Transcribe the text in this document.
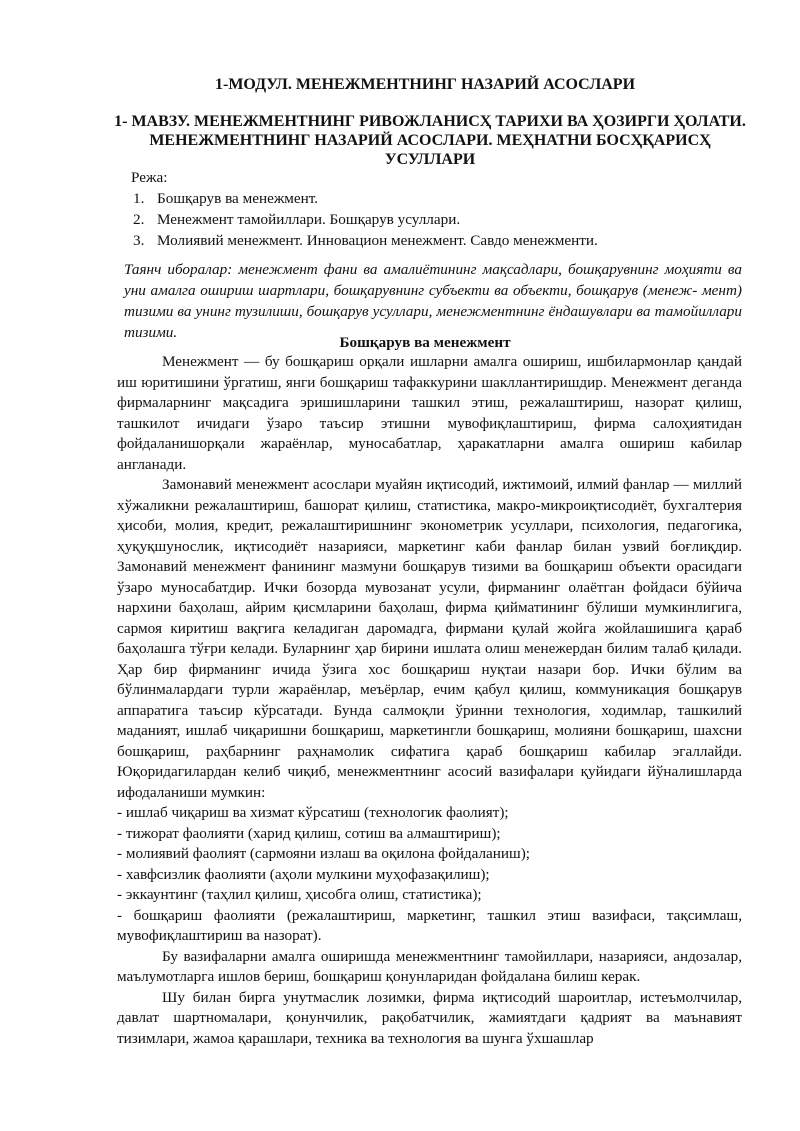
1-МОДУЛ. МЕНЕЖМЕНТНИНГ НАЗАРИЙ АСОСЛАРИ
1- МАВЗУ. МЕНЕЖМЕНТНИНГ РИВОЖЛАНИСҲ ТАРИХИ ВА ҲОЗИРГИ ҲОЛАТИ. МЕНЕЖМЕНТНИНГ НАЗАРИЙ АСОСЛАРИ. МЕҲНАТНИ БОСҲҚАРИСҲ УСУЛЛАРИ
Режа:
1. Бошқарув ва менежмент.
2. Менежмент тамойиллари. Бошқарув усуллари.
3. Молиявий менежмент. Инновацион менежмент. Савдо менежменти.
Таянч иборалар: менежмент фани ва амалиётининг мақсадлари, бошқарувнинг моҳияти ва уни амалга ошириш шартлари, бошқарувнинг субъекти ва объекти, бошқарув (менеж- мент) тизими ва унинг тузилиши, бошқарув усуллари, менежментнинг ёндашувлари ва тамойиллари тизими.
Бошқарув ва менежмент

Менежмент — бу бошқариш орқали ишларни амалга ошириш, ишбилармонлар қандай иш юритишини ўргатиш, янги бошқариш тафаккурини шакллантиришдир. Менежмент деганда фирмаларнинг мақсадига эришишларини ташкил этиш, режалаштириш, назорат қилиш, ташкилот ичидаги ўзаро таъсир этишни мувофиқлаштириш, фирма салоҳиятидан фойдаланишорқали жараёнлар, муносабатлар, ҳаракатларни амалга ошириш кабилар англанади.

Замонавий менежмент асослари муайян иқтисодий, ижтимоий, илмий фанлар — миллий хўжаликни режалаштириш, башорат қилиш, статистика, макро-микроиқтисодиёт, бухгалтерия ҳисоби, молия, кредит, режалаштиришнинг эконометрик усуллари, психология, педагогика, ҳуқуқшунослик, иқтисодиёт назарияси, маркетинг каби фанлар билан узвий боғлиқдир. Замонавий менежмент фанининг мазмуни бошқарув тизими ва бошқариш объекти орасидаги ўзаро муносабатдир. Ички бозорда мувозанат усули, фирманинг олаётган фойдаси бўйича нархини баҳолаш, айрим қисмларини баҳолаш, фирма қийматининг бўлиши мумкинлигига, сармоя киритиш вақгига келадиган даромадга, фирмани қулай жойга жойлашишига қараб баҳолашга тўғри келади. Буларнинг ҳар бирини ишлата олиш менежердан билим талаб қилади. Ҳар бир фирманинг ичида ўзига хос бошқариш нуқтаи назари бор. Ички бўлим ва бўлинмалардаги турли жараёнлар, меъёрлар, ечим қабул қилиш, коммуникация бошқарув аппаратига таъсир кўрсатади. Бунда салмоқли ўринни технология, ходимлар, ташкилий маданият, ишлаб чиқаришни бошқариш, маркетингли бошқариш, молияни бошқариш, шахсни бошқариш, раҳбарнинг раҳнамолик сифатига қараб бошқариш кабилар эгаллайди. Юқоридагилардан келиб чиқиб, менежментнинг асосий вазифалари қуйидаги йўналишларда ифодаланиши мумкин:

- ишлаб чиқариш ва хизмат кўрсатиш (технологик фаолият);

- тижорат фаолияти (харид қилиш, сотиш ва алмаштириш);

- молиявий фаолият (сармояни излаш ва оқилона фойдаланиш);

- хавфсизлик фаолияти (аҳоли мулкини муҳофазақилиш);

- эккаунтинг (таҳлил қилиш, ҳисобга олиш, статистика);

- бошқариш фаолияти (режалаштириш, маркетинг, ташкил этиш вазифаси, тақсимлаш, мувофиқлаштириш ва назорат).

Бу вазифаларни амалга оширишда менежментнинг тамойиллари, назарияси, андозалар, маълумотларга ишлов бериш, бошқариш қонунларидан фойдалана билиш керак.

Шу билан бирга унутмаслик лозимки, фирма иқтисодий шароитлар, истеъмолчилар, давлат шартномалари, қонунчилик, рақобатчилик, жамиятдаги қадрият ва маънавият тизимлари, жамоа қарашлари, техника ва технология ва шунга ўхшашлар
